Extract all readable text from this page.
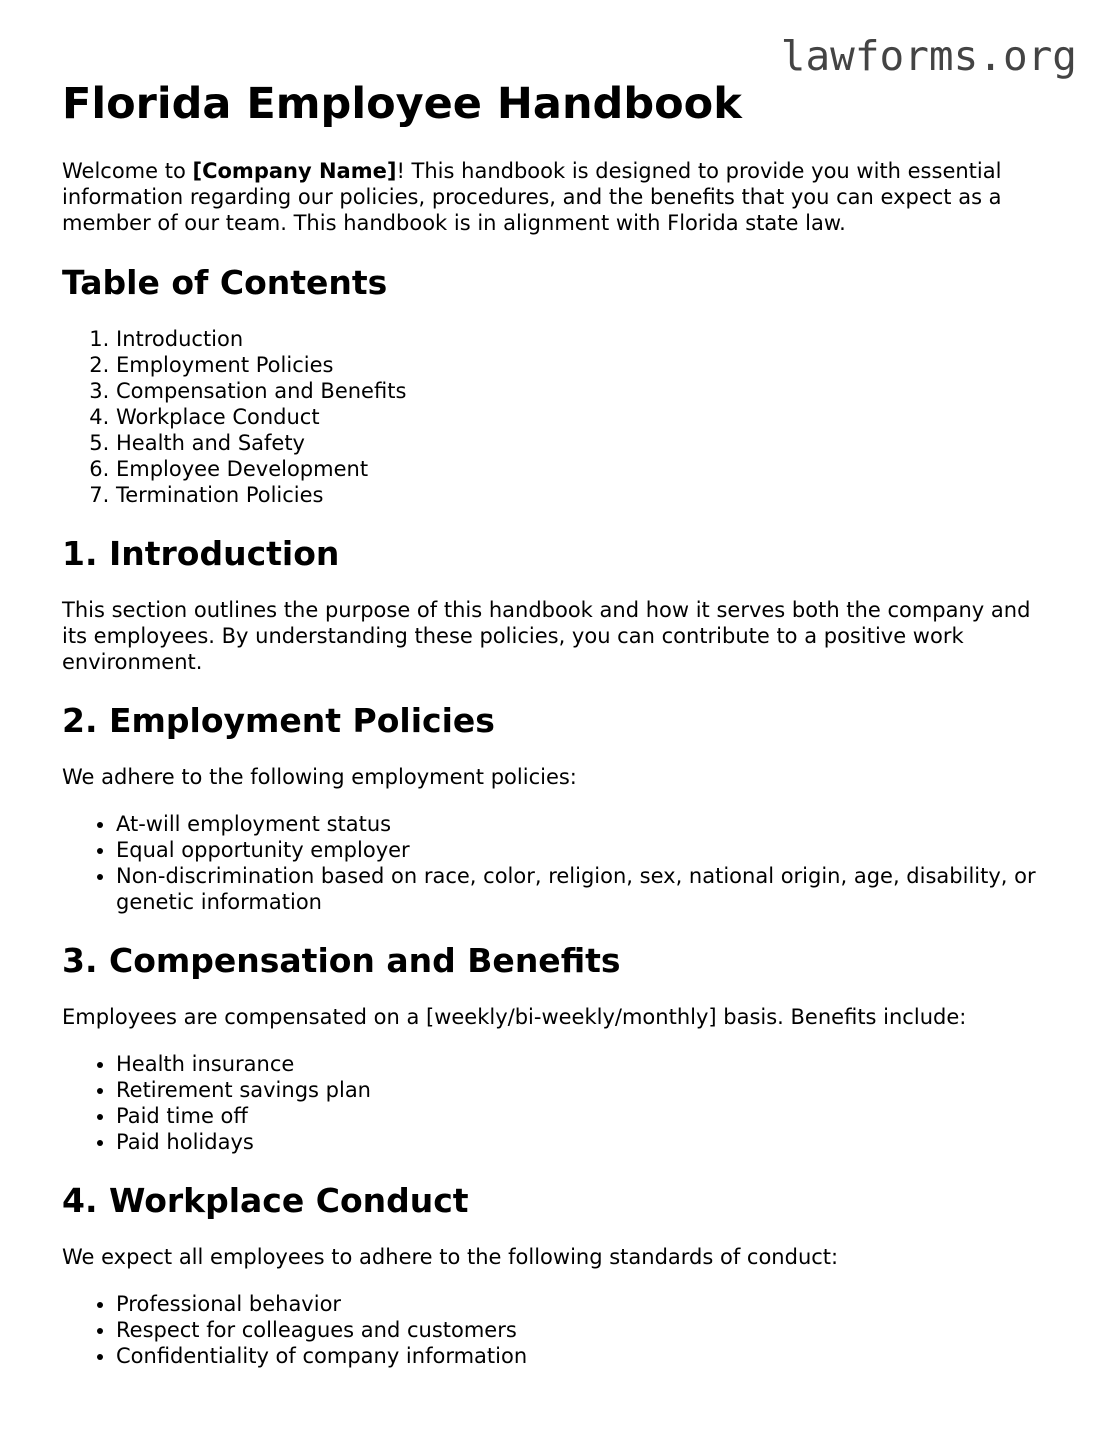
lawforms.org
Florida Employee Handbook

Welcome to [Company Name]! This handbook is designed to provide you with essential information regarding our policies, procedures, and the benefits that you can expect as a member of our team. This handbook is in alignment with Florida state law.

Table of Contents
1. Introduction
2. Employment Policies
3. Compensation and Benefits
4. Workplace Conduct
5. Health and Safety
6. Employee Development
7. Termination Policies
1. Introduction

This section outlines the purpose of this handbook and how it serves both the company and its employees. By understanding these policies, you can contribute to a positive work environment.

2. Employment Policies

We adhere to the following employment policies:

• At-will employment status
• Equal opportunity employer
• Non-discrimination based on race, color, religion, sex, national origin, age, disability, or genetic information
3. Compensation and Benefits

Employees are compensated on a [weekly/bi-weekly/monthly] basis. Benefits include:

• Health insurance
• Retirement savings plan
• Paid time off
• Paid holidays
4. Workplace Conduct

We expect all employees to adhere to the following standards of conduct:

• Professional behavior
• Respect for colleagues and customers
• Confidentiality of company information
